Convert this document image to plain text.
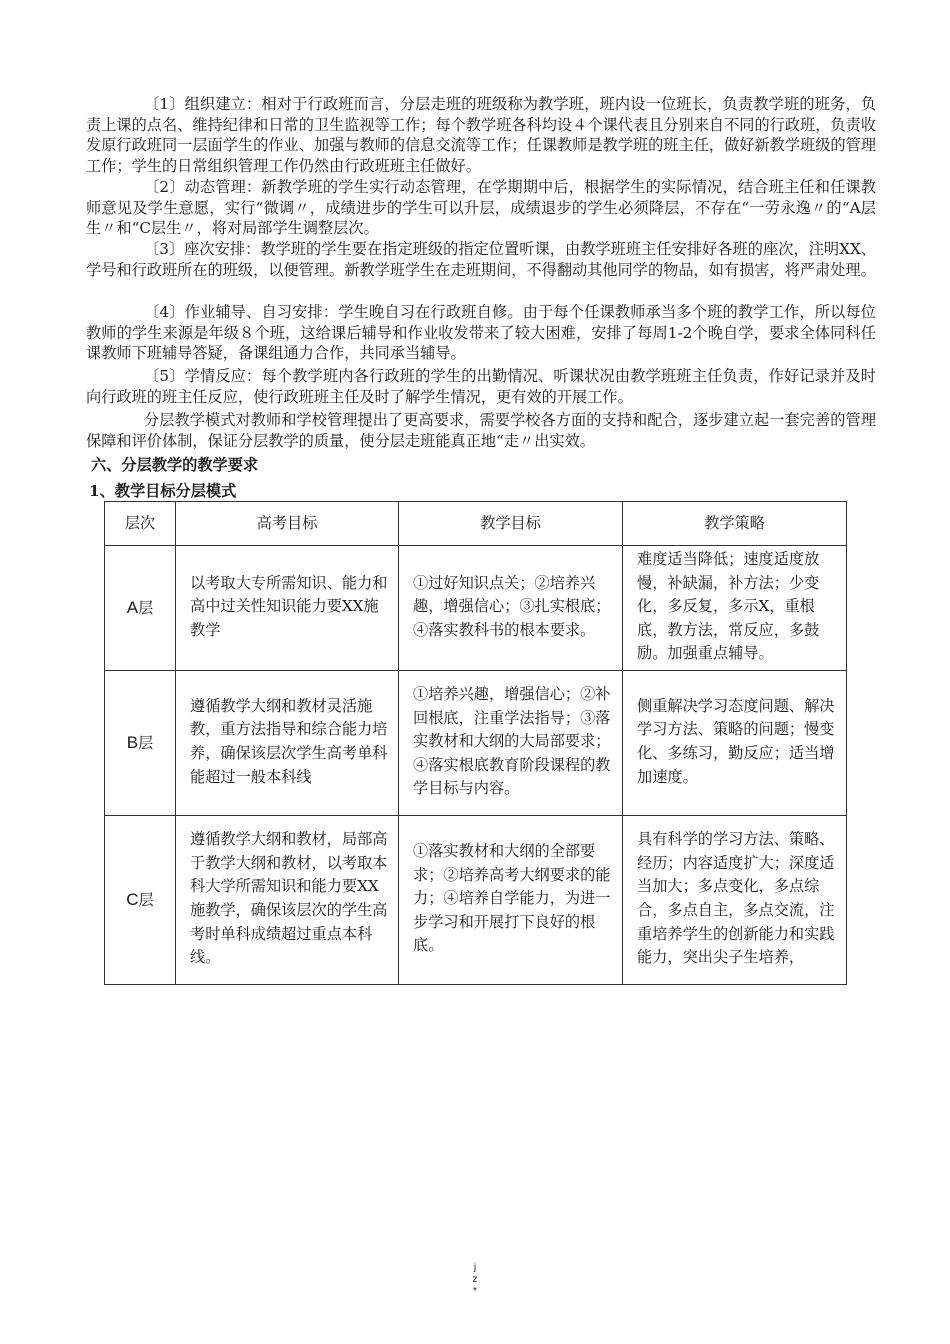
〔1〕组织建立：相对于行政班而言，分层走班的班级称为教学班，班内设一位班长，负责教学班的班务，负责上课的点名、维持纪律和日常的卫生监视等工作；每个教学班各科均设４个课代表且分别来自不同的行政班，负责收发原行政班同一层面学生的作业、加强与教师的信息交流等工作；任课教师是教学班的班主任，做好新教学班级的管理工作；学生的日常组织管理工作仍然由行政班班主任做好。

〔2〕动态管理：新教学班的学生实行动态管理，在学期期中后，根据学生的实际情况，结合班主任和任课教师意见及学生意愿，实行“微调〃，成绩进步的学生可以升层，成绩退步的学生必须降层，不存在“一劳永逸〃的“A层生〃和“C层生〃，将对局部学生调整层次。

〔3〕座次安排：教学班的学生要在指定班级的指定位置听课，由教学班班主任安排好各班的座次，注明XX、学号和行政班所在的班级，以便管理。新教学班学生在走班期间，不得翻动其他同学的物品，如有损害，将严肃处理。

〔4〕作业辅导、自习安排：学生晚自习在行政班自修。由于每个任课教师承当多个班的教学工作，所以每位教师的学生来源是年级８个班，这给课后辅导和作业收发带来了较大困难，安排了每周1-2个晚自学，要求全体同科任课教师下班辅导答疑，备课组通力合作，共同承当辅导。

〔5〕学情反应：每个教学班内各行政班的学生的出勤情况、听课状况由教学班班主任负责，作好记录并及时向行政班的班主任反应，使行政班班主任及时了解学生情况，更有效的开展工作。

分层教学模式对教师和学校管理提出了更高要求，需要学校各方面的支持和配合，逐步建立起一套完善的管理保障和评价体制，保证分层教学的质量，使分层走班能真正地“走〃出实效。

六、分层教学的教学要求
1、教学目标分层模式
层次	高考目标	教学目标	教学策略
A层	以考取大专所需知识、能力和高中过关性知识能力要XX施教学	①过好知识点关；②培养兴趣，增强信心；③扎实根底；④落实教科书的根本要求。	难度适当降低；速度适度放慢，补缺漏，补方法；少变化，多反复，多示X，重根底，教方法，常反应，多鼓励。加强重点辅导。
B层	遵循教学大纲和教材灵活施教，重方法指导和综合能力培养，确保该层次学生高考单科能超过一般本科线	①培养兴趣，增强信心；②补回根底，注重学法指导；③落实教材和大纲的大局部要求；④落实根底教育阶段课程的教学目标与内容。	侧重解决学习态度问题、解决学习方法、策略的问题；慢变化、多练习，勤反应；适当增加速度。
C层	遵循教学大纲和教材，局部高于教学大纲和教材，以考取本科大学所需知识和能力要XX施教学，确保该层次的学生高考时单科成绩超过重点本科线。	①落实教材和大纲的全部要求；②培养高考大纲要求的能力；④培养自学能力，为进一步学习和开展打下良好的根底。	具有科学的学习方法、策略、经历；内容适度扩大；深度适当加大；多点变化，多点综合，多点自主，多点交流，注重培养学生的创新能力和实践能力，突出尖子生培养，
j
z
*
